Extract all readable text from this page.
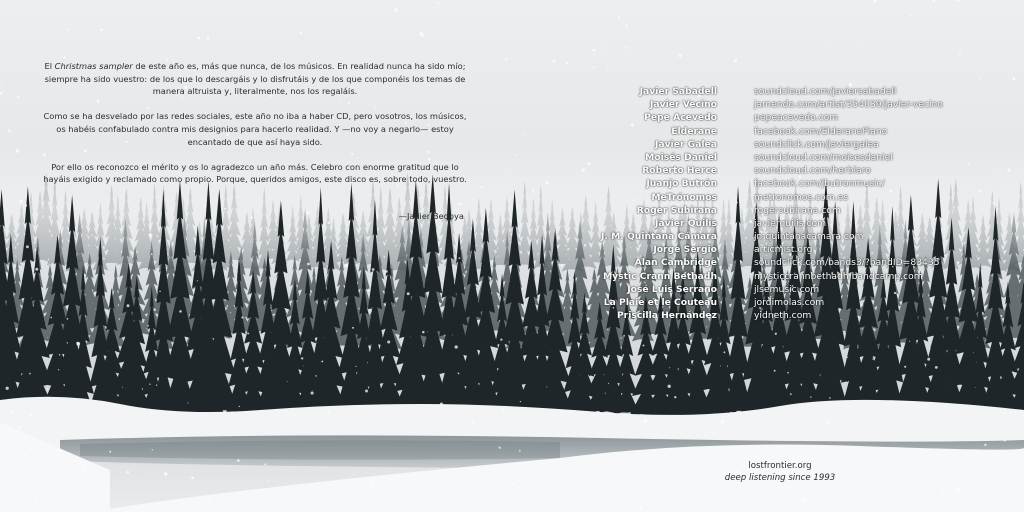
El Christmas sampler de este año es, más que nunca, de los músicos. En realidad nunca ha sido mío; siempre ha sido vuestro: de los que lo descargáis y lo disfrutáis y de los que componéis los temas de manera altruista y, literalmente, nos los regaláis.

Como se ha desvelado por las redes sociales, este año no iba a haber CD, pero vosotros, los músicos, os habéis confabulado contra mis designios para hacerlo realidad. Y —no voy a negarlo— estoy encantado de que así haya sido.

Por ello os reconozco el mérito y os lo agradezco un año más. Celebro con enorme gratitud que lo hayáis exigido y reclamado como propio. Porque, queridos amigos, este disco es, sobre todo, vuestro.

—Javier Bedoya
Javier Sabadell	soundcloud.com/javiersabadell
Javier Vecino	jamendo.com/artist/354039/javier-vecino
Pepe Acevedo	pepeacevedo.com
Elderane	facebook.com/ElderanePiano
Javier Galea	soundclick.com/javiergalea
Moisés Daniel	soundcloud.com/moisesdaniel
Roberto Herce	soundcloud.com/herblaro
Juanjo Butrón	facebook.com/jbutronmusic/
MeTrónomos	metronomos.com.es
Roger Subirana	rogersubirana.com
Javier Quilis	javierquilis.com
J. M. Quintana Cámara	jmquintanacamara.com
Jorge Sergio	articmist.org
Alan Cambridge	soundclick.com/bands3/?bandID=83435
Mystic Crann Bethadh	mysticcrannbethadh.bandcamp.com
José Luis Serrano	jlsemusic.com
La Plaie et le Couteau	jordimolas.com
Priscilla Hernández	yidneth.com
lostfrontier.org
deep listening since 1993
